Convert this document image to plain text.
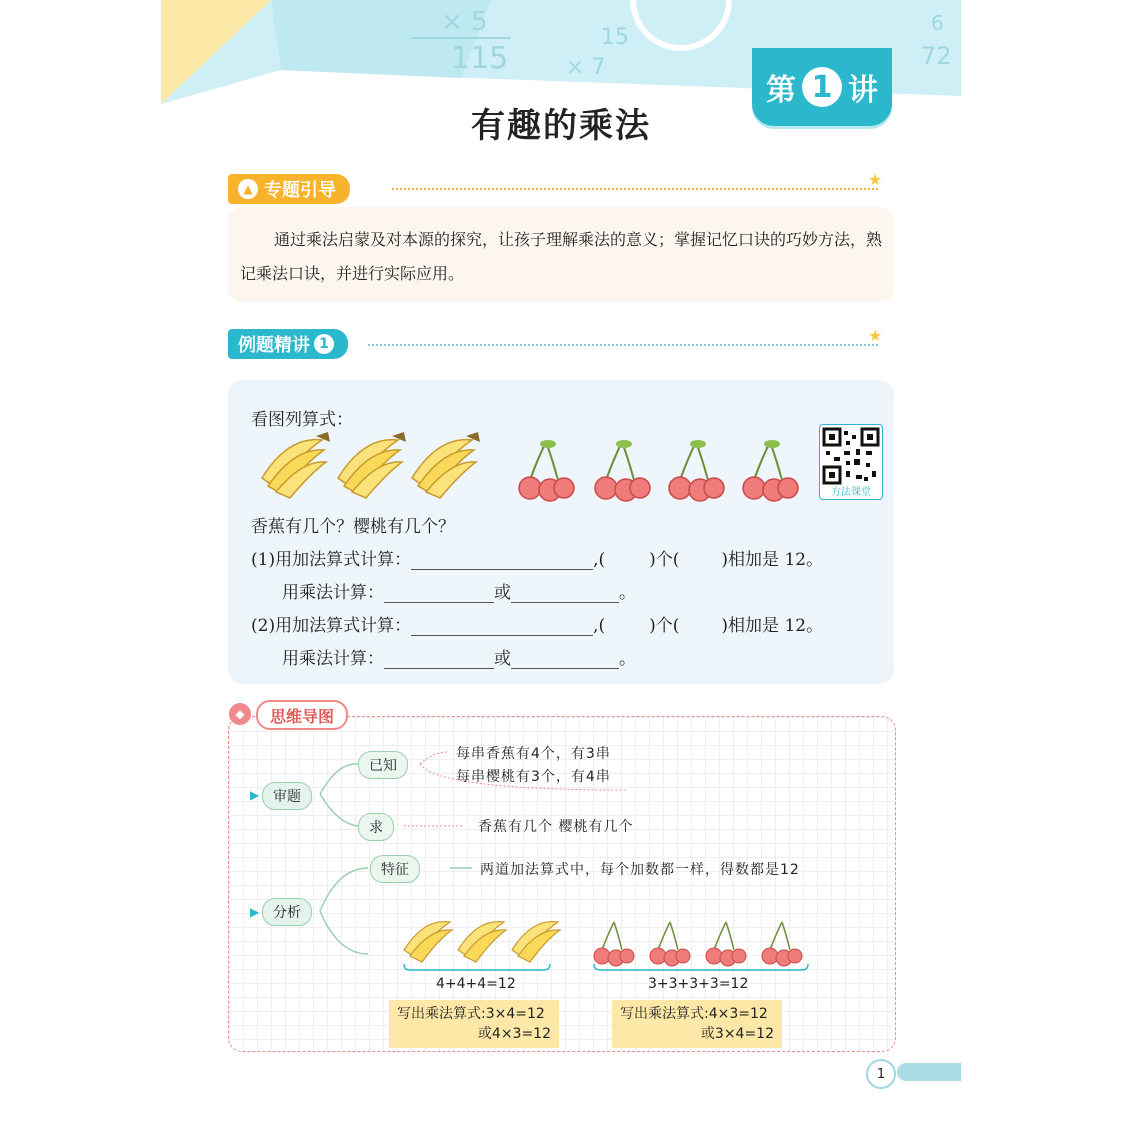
× 5
115
15
× 7
6
72
第 1 讲
有趣的乘法
▲ 专题引导
★
通过乘法启蒙及对本源的探究，让孩子理解乘法的意义；掌握记忆口诀的巧妙方法，熟记乘法口诀，并进行实际应用。
例题精讲 1	★
看图列算式：
方法课堂
香蕉有几个？樱桃有几个？
(1)用加法算式计算：	,(	)个( )相加是 12。
用乘法计算：	或	。
(2)用加法算式计算：	,(	)个( )相加是 12。
用乘法计算：	或	。
◆	思维导图
▶ 审题
已知
每串香蕉有4个，有3串
每串樱桃有3个，有4串
求	香蕉有几个 樱桃有几个
▶ 分析
特征	两道加法算式中，每个加数都一样，得数都是12
4+4+4=12	3+3+3+3=12
写出乘法算式:3×4=12
或4×3=12
写出乘法算式:4×3=12
或3×4=12
1
